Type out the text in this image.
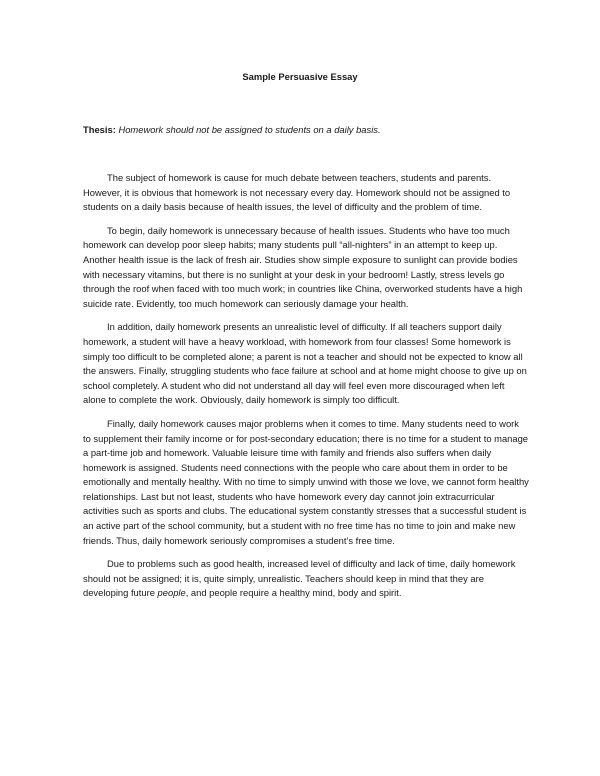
Sample Persuasive Essay

Thesis: Homework should not be assigned to students on a daily basis.

The subject of homework is cause for much debate between teachers, students and parents. However, it is obvious that homework is not necessary every day. Homework should not be assigned to students on a daily basis because of health issues, the level of difficulty and the problem of time.

To begin, daily homework is unnecessary because of health issues. Students who have too much homework can develop poor sleep habits; many students pull “all-nighters” in an attempt to keep up. Another health issue is the lack of fresh air. Studies show simple exposure to sunlight can provide bodies with necessary vitamins, but there is no sunlight at your desk in your bedroom! Lastly, stress levels go through the roof when faced with too much work; in countries like China, overworked students have a high suicide rate. Evidently, too much homework can seriously damage your health.

In addition, daily homework presents an unrealistic level of difficulty. If all teachers support daily homework, a student will have a heavy workload, with homework from four classes! Some homework is simply too difficult to be completed alone; a parent is not a teacher and should not be expected to know all the answers. Finally, struggling students who face failure at school and at home might choose to give up on school completely. A student who did not understand all day will feel even more discouraged when left alone to complete the work. Obviously, daily homework is simply too difficult.

Finally, daily homework causes major problems when it comes to time. Many students need to work to supplement their family income or for post-secondary education; there is no time for a student to manage a part-time job and homework. Valuable leisure time with family and friends also suffers when daily homework is assigned. Students need connections with the people who care about them in order to be emotionally and mentally healthy. With no time to simply unwind with those we love, we cannot form healthy relationships. Last but not least, students who have homework every day cannot join extracurricular activities such as sports and clubs. The educational system constantly stresses that a successful student is an active part of the school community, but a student with no free time has no time to join and make new friends. Thus, daily homework seriously compromises a student’s free time.

Due to problems such as good health, increased level of difficulty and lack of time, daily homework should not be assigned; it is, quite simply, unrealistic. Teachers should keep in mind that they are developing future people, and people require a healthy mind, body and spirit.
